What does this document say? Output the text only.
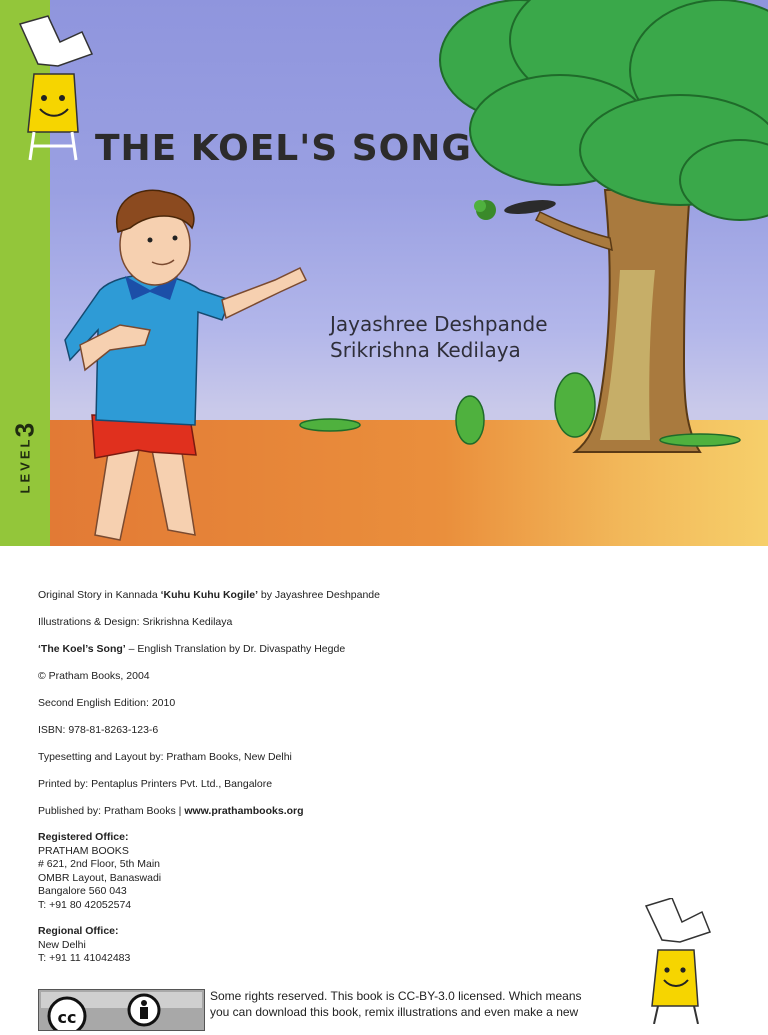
3
LEVEL
THE KOEL'S SONG
Jayashree Deshpande
Srikrishna Kedilaya

Original Story in Kannada ‘Kuhu Kuhu Kogile’ by Jayashree Deshpande

Illustrations & Design: Srikrishna Kedilaya

‘The Koel’s Song’ – English Translation by Dr. Divaspathy Hegde

© Pratham Books, 2004

Second English Edition: 2010

ISBN: 978-81-8263-123-6

Typesetting and Layout by: Pratham Books, New Delhi

Printed by: Pentaplus Printers Pvt. Ltd., Bangalore

Published by: Pratham Books | www.prathambooks.org

Registered Office:
PRATHAM BOOKS
# 621, 2nd Floor, 5th Main
OMBR Layout, Banaswadi
Bangalore 560 043
T: +91 80 42052574
Regional Office:
New Delhi
T: +91 11 41042483
cc
Some rights reserved. This book is CC-BY-3.0 licensed. Which means
you can download this book, remix illustrations and even make a new
